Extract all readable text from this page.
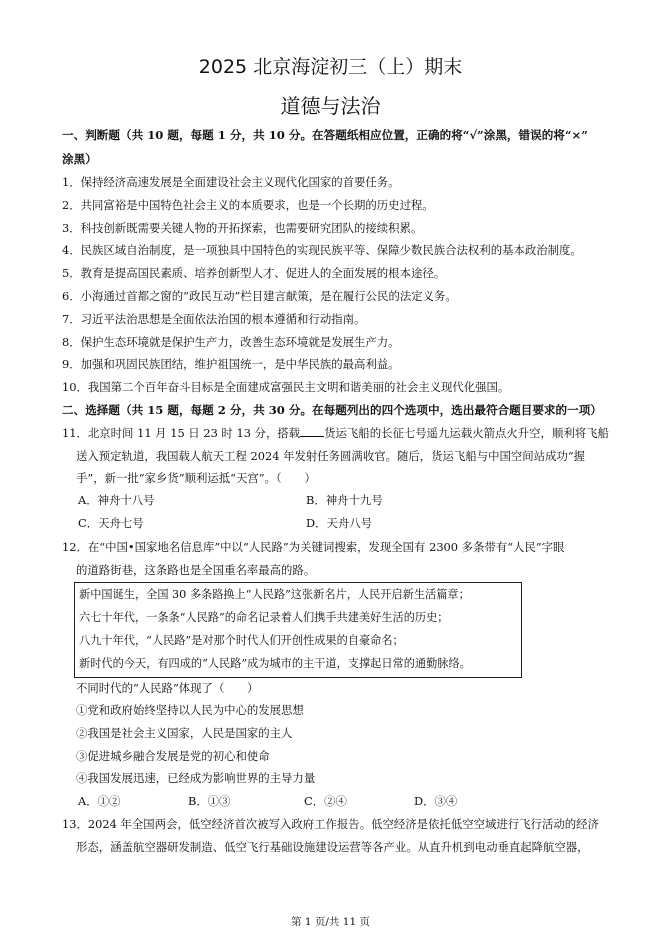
2025 北京海淀初三（上）期末
道德与法治
一、判断题（共 10 题，每题 1 分，共 10 分。在答题纸相应位置，正确的将“√”涂黑，错误的将“×”
涂黑）
1．保持经济高速发展是全面建设社会主义现代化国家的首要任务。
2．共同富裕是中国特色社会主义的本质要求，也是一个长期的历史过程。
3．科技创新既需要关键人物的开拓探索，也需要研究团队的接续积累。
4．民族区域自治制度，是一项独具中国特色的实现民族平等、保障少数民族合法权利的基本政治制度。
5．教育是提高国民素质、培养创新型人才、促进人的全面发展的根本途径。
6．小海通过首都之窗的“政民互动”栏目建言献策，是在履行公民的法定义务。
7．习近平法治思想是全面依法治国的根本遵循和行动指南。
8．保护生态环境就是保护生产力，改善生态环境就是发展生产力。
9．加强和巩固民族团结，维护祖国统一，是中华民族的最高利益。
10．我国第二个百年奋斗目标是全面建成富强民主文明和谐美丽的社会主义现代化强国。
二、选择题（共 15 题，每题 2 分，共 30 分。在每题列出的四个选项中，选出最符合题目要求的一项）
11．北京时间 11 月 15 日 23 时 13 分，搭载 货运飞船的长征七号遥九运载火箭点火升空，顺利将飞船
送入预定轨道，我国载人航天工程 2024 年发射任务圆满收官。随后，货运飞船与中国空间站成功“握
手”，新一批“家乡货”顺利运抵“天宫”。（　　）
A．神舟十八号	B．神舟十九号
C．天舟七号	D．天舟八号
12．在“中国•国家地名信息库”中以“人民路”为关键词搜索，发现全国有 2300 多条带有“人民”字眼
的道路街巷，这条路也是全国重名率最高的路。
新中国诞生，全国 30 多条路换上“人民路”这张新名片，人民开启新生活篇章；
六七十年代，一条条“人民路”的命名记录着人们携手共建美好生活的历史；
八九十年代，“人民路”是对那个时代人们开创性成果的自豪命名；
新时代的今天，有四成的“人民路”成为城市的主干道，支撑起日常的通勤脉络。
不同时代的“人民路”体现了（　　）
①党和政府始终坚持以人民为中心的发展思想
②我国是社会主义国家，人民是国家的主人
③促进城乡融合发展是党的初心和使命
④我国发展迅速，已经成为影响世界的主导力量
A．①②	B．①③	C．②④	D．③④
13．2024 年全国两会，低空经济首次被写入政府工作报告。低空经济是依托低空空域进行飞行活动的经济
形态，涵盖航空器研发制造、低空飞行基础设施建设运营等各产业。从直升机到电动垂直起降航空器，
第 1 页/共 11 页
